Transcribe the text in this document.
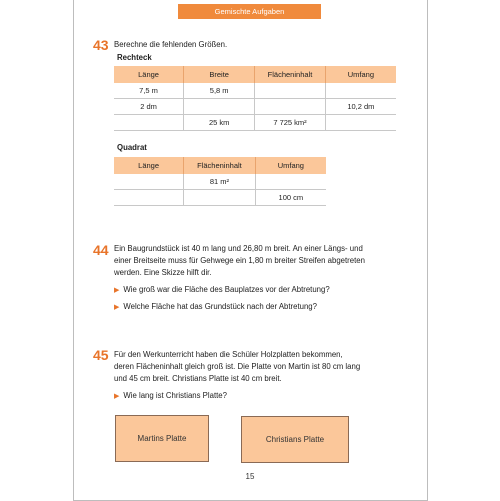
Gemischte Aufgaben
43 Berechne die fehlenden Größen.
Rechteck
Länge	Breite	Flächeninhalt	Umfang
7,5 m	5,8 m		
2 dm			10,2 dm
	25 km	7 725 km²	
Quadrat
Länge	Flächeninhalt	Umfang
	81 m²	
		100 cm
44 Ein Baugrundstück ist 40 m lang und 26,80 m breit. An einer Längs- und
einer Breitseite muss für Gehwege ein 1,80 m breiter Streifen abgetreten
werden. Eine Skizze hilft dir.
▶ Wie groß war die Fläche des Bauplatzes vor der Abtretung?
▶ Welche Fläche hat das Grundstück nach der Abtretung?
45 Für den Werkunterricht haben die Schüler Holzplatten bekommen,
deren Flächeninhalt gleich groß ist. Die Platte von Martin ist 80 cm lang
und 45 cm breit. Christians Platte ist 40 cm breit.
▶ Wie lang ist Christians Platte?
Martins Platte	Christians Platte
15
